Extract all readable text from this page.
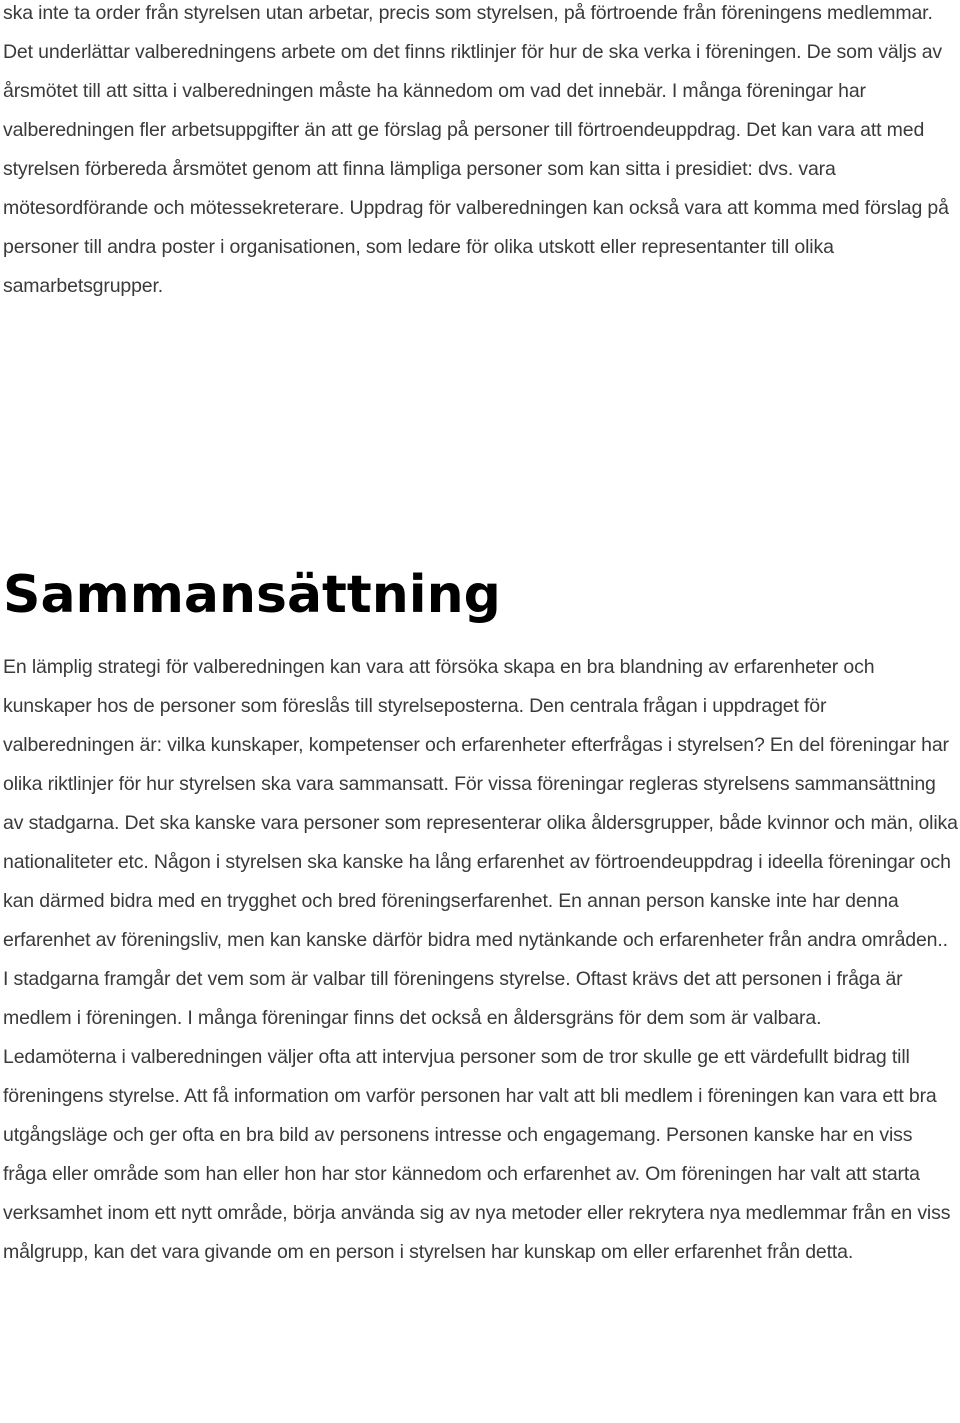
ska inte ta order från styrelsen utan arbetar, precis som styrelsen, på förtroende från föreningens medlemmar.

Det underlättar valberedningens arbete om det finns riktlinjer för hur de ska verka i föreningen. De som väljs av årsmötet till att sitta i valberedningen måste ha kännedom om vad det innebär. I många föreningar har valberedningen fler arbetsuppgifter än att ge förslag på personer till förtroendeuppdrag. Det kan vara att med styrelsen förbereda årsmötet genom att finna lämpliga personer som kan sitta i presidiet: dvs. vara mötesordförande och mötessekreterare. Uppdrag för valberedningen kan också vara att komma med förslag på personer till andra poster i organisationen, som ledare för olika utskott eller representanter till olika samarbetsgrupper.

Sammansättning

En lämplig strategi för valberedningen kan vara att försöka skapa en bra blandning av erfarenheter och kunskaper hos de personer som föreslås till styrelseposterna. Den centrala frågan i uppdraget för valberedningen är: vilka kunskaper, kompetenser och erfarenheter efterfrågas i styrelsen? En del föreningar har olika riktlinjer för hur styrelsen ska vara sammansatt. För vissa föreningar regleras styrelsens sammansättning av stadgarna. Det ska kanske vara personer som representerar olika åldersgrupper, både kvinnor och män, olika nationaliteter etc. Någon i styrelsen ska kanske ha lång erfarenhet av förtroendeuppdrag i ideella föreningar och kan därmed bidra med en trygghet och bred föreningserfarenhet. En annan person kanske inte har denna erfarenhet av föreningsliv, men kan kanske därför bidra med nytänkande och erfarenheter från andra områden..

I stadgarna framgår det vem som är valbar till föreningens styrelse. Oftast krävs det att personen i fråga är medlem i föreningen. I många föreningar finns det också en åldersgräns för dem som är valbara.

Ledamöterna i valberedningen väljer ofta att intervjua personer som de tror skulle ge ett värdefullt bidrag till föreningens styrelse. Att få information om varför personen har valt att bli medlem i föreningen kan vara ett bra utgångsläge och ger ofta en bra bild av personens intresse och engagemang. Personen kanske har en viss fråga eller område som han eller hon har stor kännedom och erfarenhet av. Om föreningen har valt att starta verksamhet inom ett nytt område, börja använda sig av nya metoder eller rekrytera nya medlemmar från en viss målgrupp, kan det vara givande om en person i styrelsen har kunskap om eller erfarenhet från detta.
